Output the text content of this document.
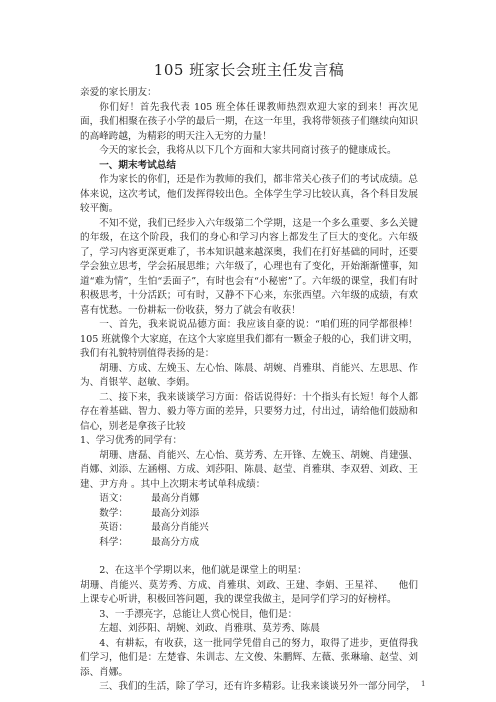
105 班家长会班主任发言稿

亲爱的家长朋友：

你们好！首先我代表 105 班全体任课教师热烈欢迎大家的到来！再次见面，我们相聚在孩子小学的最后一期，在这一年里，我将带领孩子们继续向知识的高峰跨越，为精彩的明天注入无穷的力量！

今天的家长会，我将从以下几个方面和大家共同商讨孩子的健康成长。

一、期末考试总结

作为家长的你们，还是作为教师的我们，都非常关心孩子们的考试成绩。总体来说，这次考试，他们发挥得较出色。全体学生学习比较认真，各个科目发展较平衡。

不知不觉，我们已经步入六年级第二个学期，这是一个多么重要、多么关键的年级，在这个阶段，我们的身心和学习内容上都发生了巨大的变化。六年级了，学习内容更深更难了，书本知识越来越深奥，我们在打好基础的同时，还要学会独立思考，学会拓展思维；六年级了，心理也有了变化，开始渐渐懂事，知道“难为情”，生怕“丢面子”，有时也会有“小秘密”了。六年级的课堂，我们有时积极思考，十分活跃；可有时，又静不下心来，东张西望。六年级的成绩，有欢喜有忧愁。一份耕耘一份收获，努力了就会有收获！

一、首先，我来说说品德方面：我应该自豪的说：“咱们班的同学都很棒！105 班就像个大家庭，在这个大家庭里我们都有一颗金子般的心，我们讲文明，我们有礼貌特别值得表扬的是：

胡珊、方成、左娩玉、左心怡、陈晨、胡婉、肖雅琪、肖能兴、左思思、作为、肖银苹、赵敏、李娟。

二、接下来，我来谈谈学习方面：俗话说得好：十个指头有长短！每个人都存在着基础、智力、毅力等方面的差异，只要努力过，付出过，请给他们鼓励和信心，别老是拿孩子比较

1、学习优秀的同学有：

胡珊、唐磊、肖能兴、左心怡、莫芳秀、左开锋、左娩玉、胡婉、肖建强、肖娜、刘添、左涵栩、方成、刘莎阳、陈晨、赵莹、肖雅琪、李双碧、刘政、王建、尹方舟 。其中上次期末考试单科成绩：

语文：	最高分肖娜
数学：	最高分刘添
英语：	最高分肖能兴
科学：	最高分方成

2、在这半个学期以来，他们就是课堂上的明星：

胡珊、肖能兴、莫芳秀、方成、肖雅琪、刘政、王建、李娟、王星祥、　　他们上课专心听讲，积极回答问题，我的课堂我做主，是同学们学习的好榜样。

3、一手漂亮字，总能让人赏心悦目，他们是：

左超、刘莎阳、胡婉、刘政、肖雅琪、莫芳秀、陈晨

4、有耕耘，有收获，这一批同学凭借自己的努力，取得了进步，更值得我们学习，他们是：左楚睿、朱训志、左文俊、朱鹏辉、左薇、张琳瑜、赵莹、刘添、肖娜。

三、我们的生活，除了学习，还有许多精彩。让我来谈谈另外一部分同学， 1
